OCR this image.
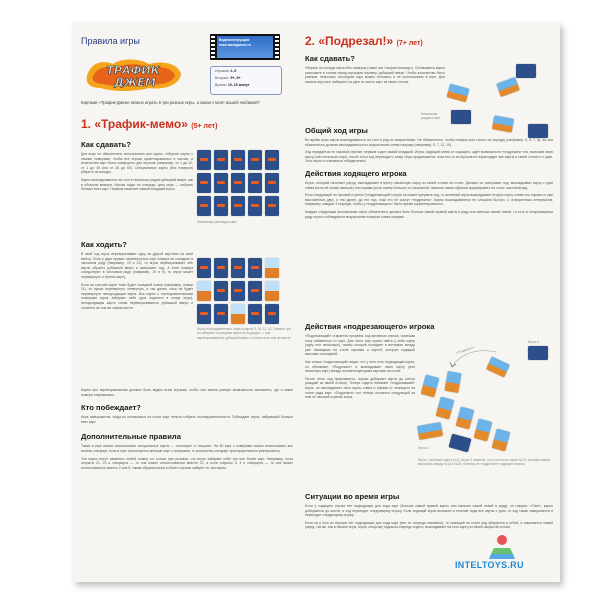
Правила игры
ТРАФИК
ДЖЕМ
Видеоинструкция:
www.bandgames.ru
Игроков: 2–5
Возраст: 5+, 8+
Время: 10–15 минут
Картами «Трафик-Джем» можно играть в три разные игры, а какая станет вашей любимой?
1. «Трафик-мемо» (5+ лет)
Как сдавать?

Для игры не обязательно использовать все карты, отберите карты с такими номерами, чтобы все игроки ориентировались в числах, и количество карт было комфортно для игроков (например, от 1 до 12, от 1 до 30 или от 26 до 50). Специальные карты (без номеров) уберите из колоды.

Карты выкладываются на стол в несколько рядов рубашкой вверх, как в обычном мемори. Игроки ходят по очереди, цель игры — набрать больше всех карт. Первым начинает самый младший игрок.

Начальная раскладка карт
Как ходить?

В свой ход игрок переворачивает одну за другой карточки на свой выбор. Если у двух первых перевернутых карт номера не соседние в числовом ряду (например, 10 и 22), то игрок переворачивает обе карты обратно рубашкой вверх и завершает ход. А если номера соседствуют в числовом ряду (например, 10 и 9), то игрок может перевернуть и третью карту.

Если на третьей карте тоже будет соседний номер (например, номер 11), то нужно перевернуть четвертую, и так далее, пока не будет перевернута неподходящая карта. Все карты с последовательными номерами игрок забирает себе (для подсчета в конце игры), неподходящая карта снова переворачивается рубашкой вверх и остается на том же самом месте.

Игрок последовательно открыл карты 9, 10, 11, 22. Первые три он забирает, последняя карта не подходит — она переворачивается рубашкой вверх и остается на том же месте.

Карты при переворачивании должны быть видны всем игрокам, чтобы они имели равную возможность запомнить, где и какие номера открывались.

Кто побеждает?

Игра завершается, когда из оставшихся на столе карт нельзя собрать последовательности. Побеждает игрок, набравший больше всех карт.

Дополнительные правила

Также в игре можно использовать специальные карты — «полиция» и «скорая». На 50 карт с номерами можно использовать все восемь спецкарт, если в игре используется меньше карт с номерами, то количество спецкарт пропорционально уменьшается.

Эти карты могут заменять любой номер, но только при условии, что игрок забирает себе три или более карт. Например, если открыты 21, 23 и спецкарта — то она может использоваться вместо 22, а если открыты 3, 4 и спецкарта — то она может использоваться вместо 2 или 5, таким образом игрок в обоих случаях заберёт по три карты.

2. «Подрезал!» (7+ лет)
Как сдавать?

Уберите из колоды карты без номеров (такие как «скорая помощь»). Оставшиеся карты разложите в стопки перед игроками поровну, рубашкой вверх. Чтобы количество было равным, несколько последних карт можно отложить и не использовать в игре. Для начала игры все набирают на руки по шесть карт из своих стопок.

Начальная раздача карт
Общий ход игры

Во время игры карты выкладываются на стол в ряд по возрастанию. Не обязательно, чтобы номера шли строго по порядку (например, 5, 6, 7, 8), но они обязательно должны выкладываться по возрастанию слева направо (например, 5, 7, 12, 19).

Ход передаётся по часовой стрелке, первым ходит самый младший. Игрок, сидящий слева от ходящего, ждёт возможности «подрезать» его, выложив свою карту (или несколько карт), после этого ход переходит к нему. Игра продолжается, пока кто-то из игроков не израсходует все карты в своей стопке и с руки. Этот игрок и становится победителем!

Действия ходящего игрока

Игрок, который начинает раунд, выкладывает в центр начальную карту из своей стопки на столе. Дальше он совершает ход: выкладывает карту с руки слева (если её номер меньше) или справа (если номер больше) от начальной, начиная таким образом формировать на столе числовой ряд.

Если следующий по часовой стрелке («подрезающий») игрок не может прервать ход, то активный игрок выкладывает вторую карту слева или справа от уже выложенных двух, и так далее, до тех пор, пока его не смогут «подрезать». Карты выкладываются не слишком быстро, с оговоренным интервалом, например, каждые 3 секунды, чтобы у «подрезающего» было время сориентироваться.

Каждая следующая выложенная карта обязательно должна быть больше самой правой карты в ряду или меньше самой левой, то есть в получающемся ряду строго соблюдается возрастание номеров слева направо.

Действия «подрезающего» игрока

«Подрезающий» старается прервать ход активного игрока, помешав тому избавиться от карт. Для этого ему нужно найти у себя карту (одну или несколько), номер которой попадает в интервал между уже лежащими на столе картами и картой, которую ходящий выложил последней.

Как только «подрезающий» видит, что у него есть подходящая карта, он объявляет «Подрезал!» и выкладывает свою карту (или несколько карт) между соответствующими картами на столе.

После этого ход прерывается, игроки добирают карты до шести (каждый из своей стопки). Теперь ходить начинает «подрезавший» игрок, он выкладывает свои карты слева и справа от лежащего на столе ряда карт. «Подрезать» его теперь пытается следующий за ним по часовой стрелке игрок.

Игрок 2
«Подрезал!»
Игрок 1
Игрок 1 выложил карту №11, игрок 2 заметил, что у него есть карта №13, которую можно выложить между №11 и №15, поэтому он «подрезает» ходящего игрока.
Ситуации во время игры

Если у ходящего игрока нет подходящих для хода карт (больше самой правой карты или меньше самой левой в ряду), он говорит: «Пас!», карты добираются до шести, и ход переходит следующему игроку. Если ходящий игрок выложил в течение хода все карты с руки, то ход также завершается и переходит следующему игроку.

Если ни у кого из игроков нет подходящих для хода карт (все по очереди пасовали), то лежащий на столе ряд убирается в отбой, и начинается новый раунд: так же, как в начале игры, игрок, которому подошла очередь ходить, выкладывает на стол карту из своей закрытой стопки.

INTELTOYS.RU
